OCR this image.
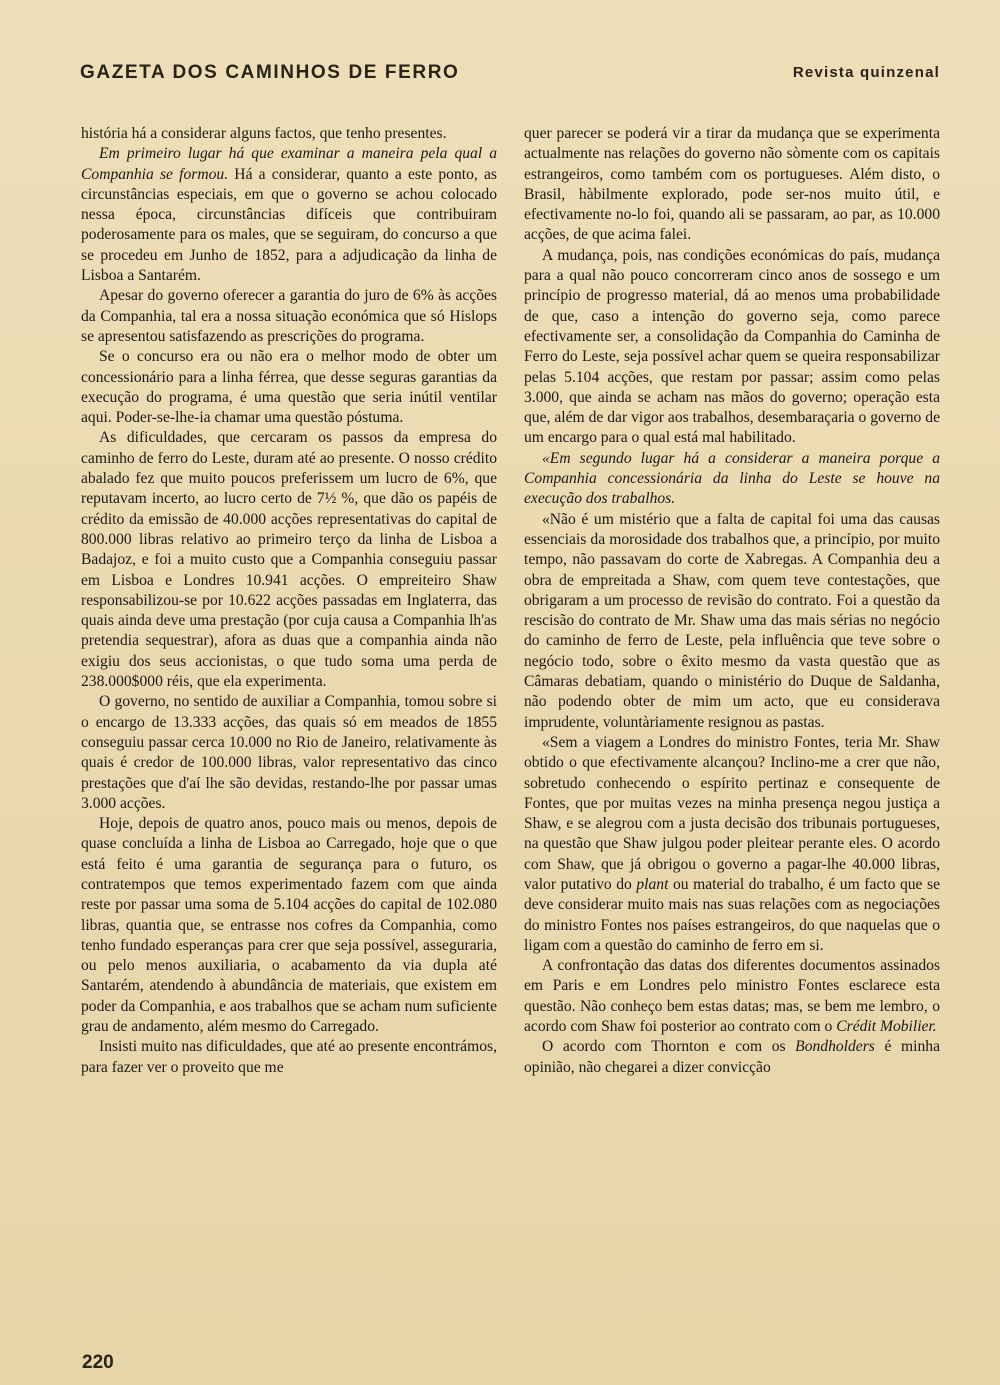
GAZETA DOS CAMINHOS DE FERRO	Revista quinzenal

história há a considerar alguns factos, que tenho presentes.

Em primeiro lugar há que examinar a maneira pela qual a Companhia se formou. Há a considerar, quanto a este ponto, as circunstâncias especiais, em que o governo se achou colocado nessa época, circunstâncias difíceis que contribuiram poderosamente para os males, que se seguiram, do concurso a que se procedeu em Junho de 1852, para a adjudicação da linha de Lisboa a Santarém.

Apesar do governo oferecer a garantia do juro de 6% às acções da Companhia, tal era a nossa situação económica que só Hislops se apresentou satisfazendo as prescrições do programa.

Se o concurso era ou não era o melhor modo de obter um concessionário para a linha férrea, que desse seguras garantias da execução do programa, é uma questão que seria inútil ventilar aqui. Poder-se-lhe-ia chamar uma questão póstuma.

As dificuldades, que cercaram os passos da empresa do caminho de ferro do Leste, duram até ao presente. O nosso crédito abalado fez que muito poucos preferissem um lucro de 6%, que reputavam incerto, ao lucro certo de 7½ %, que dão os papéis de crédito da emissão de 40.000 acções representativas do capital de 800.000 libras relativo ao primeiro terço da linha de Lisboa a Badajoz, e foi a muito custo que a Companhia conseguiu passar em Lisboa e Londres 10.941 acções. O empreiteiro Shaw responsabilizou-se por 10.622 acções passadas em Inglaterra, das quais ainda deve uma prestação (por cuja causa a Companhia lh'as pretendia sequestrar), afora as duas que a companhia ainda não exigiu dos seus accionistas, o que tudo soma uma perda de 238.000$000 réis, que ela experimenta.

O governo, no sentido de auxiliar a Companhia, tomou sobre si o encargo de 13.333 acções, das quais só em meados de 1855 conseguiu passar cerca 10.000 no Rio de Janeiro, relativamente às quais é credor de 100.000 libras, valor representativo das cinco prestações que d'aí lhe são devidas, restando-lhe por passar umas 3.000 acções.

Hoje, depois de quatro anos, pouco mais ou menos, depois de quase concluída a linha de Lisboa ao Carregado, hoje que o que está feito é uma garantia de segurança para o futuro, os contratempos que temos experimentado fazem com que ainda reste por passar uma soma de 5.104 acções do capital de 102.080 libras, quantia que, se entrasse nos cofres da Companhia, como tenho fundado esperanças para crer que seja possível, asseguraria, ou pelo menos auxiliaria, o acabamento da via dupla até Santarém, atendendo à abundância de materiais, que existem em poder da Companhia, e aos trabalhos que se acham num suficiente grau de andamento, além mesmo do Carregado.

Insisti muito nas dificuldades, que até ao presente encontrámos, para fazer ver o proveito que me

quer parecer se poderá vir a tirar da mudança que se experimenta actualmente nas relações do governo não sòmente com os capitais estrangeiros, como também com os portugueses. Além disto, o Brasil, hàbilmente explorado, pode ser-nos muito útil, e efectivamente no-lo foi, quando ali se passaram, ao par, as 10.000 acções, de que acima falei.

A mudança, pois, nas condições económicas do país, mudança para a qual não pouco concorreram cinco anos de sossego e um princípio de progresso material, dá ao menos uma probabilidade de que, caso a intenção do governo seja, como parece efectivamente ser, a consolidação da Companhia do Caminha de Ferro do Leste, seja possível achar quem se queira responsabilizar pelas 5.104 acções, que restam por passar; assim como pelas 3.000, que ainda se acham nas mãos do governo; operação esta que, além de dar vigor aos trabalhos, desembaraçaria o governo de um encargo para o qual está mal habilitado.

«Em segundo lugar há a considerar a maneira porque a Companhia concessionária da linha do Leste se houve na execução dos trabalhos.

«Não é um mistério que a falta de capital foi uma das causas essenciais da morosidade dos trabalhos que, a princípio, por muito tempo, não passavam do corte de Xabregas. A Companhia deu a obra de empreitada a Shaw, com quem teve contestações, que obrigaram a um processo de revisão do contrato. Foi a questão da rescisão do contrato de Mr. Shaw uma das mais sérias no negócio do caminho de ferro de Leste, pela influência que teve sobre o negócio todo, sobre o êxito mesmo da vasta questão que as Câmaras debatiam, quando o ministério do Duque de Saldanha, não podendo obter de mim um acto, que eu considerava imprudente, voluntàriamente resignou as pastas.

«Sem a viagem a Londres do ministro Fontes, teria Mr. Shaw obtido o que efectivamente alcançou? Inclino-me a crer que não, sobretudo conhecendo o espírito pertinaz e consequente de Fontes, que por muitas vezes na minha presença negou justiça a Shaw, e se alegrou com a justa decisão dos tribunais portugueses, na questão que Shaw julgou poder pleitear perante eles. O acordo com Shaw, que já obrigou o governo a pagar-lhe 40.000 libras, valor putativo do plant ou material do trabalho, é um facto que se deve considerar muito mais nas suas relações com as negociações do ministro Fontes nos países estrangeiros, do que naquelas que o ligam com a questão do caminho de ferro em si.

A confrontação das datas dos diferentes documentos assinados em Paris e em Londres pelo ministro Fontes esclarece esta questão. Não conheço bem estas datas; mas, se bem me lembro, o acordo com Shaw foi posterior ao contrato com o Crédit Mobilier.

O acordo com Thornton e com os Bondholders é minha opinião, não chegarei a dizer convicção

220
